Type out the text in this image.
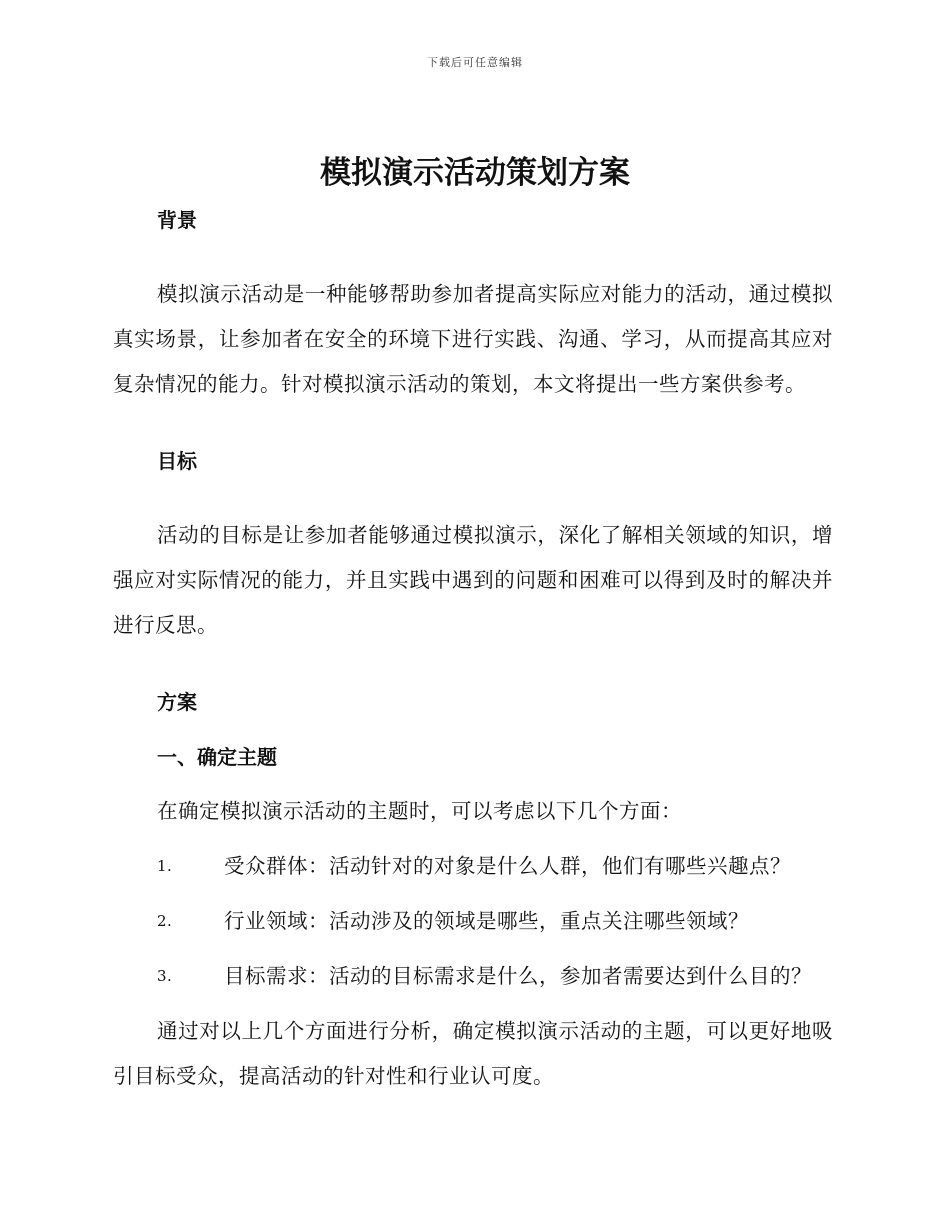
下载后可任意编辑
模拟演示活动策划方案
背景

模拟演示活动是一种能够帮助参加者提高实际应对能力的活动，通过模拟真实场景，让参加者在安全的环境下进行实践、沟通、学习，从而提高其应对复杂情况的能力。针对模拟演示活动的策划，本文将提出一些方案供参考。

目标

活动的目标是让参加者能够通过模拟演示，深化了解相关领域的知识，增强应对实际情况的能力，并且实践中遇到的问题和困难可以得到及时的解决并进行反思。

方案
一、确定主题

在确定模拟演示活动的主题时，可以考虑以下几个方面：

1.	受众群体：活动针对的对象是什么人群，他们有哪些兴趣点？
2.	行业领域：活动涉及的领域是哪些，重点关注哪些领域？
3.	目标需求：活动的目标需求是什么，参加者需要达到什么目的？

通过对以上几个方面进行分析，确定模拟演示活动的主题，可以更好地吸引目标受众，提高活动的针对性和行业认可度。
